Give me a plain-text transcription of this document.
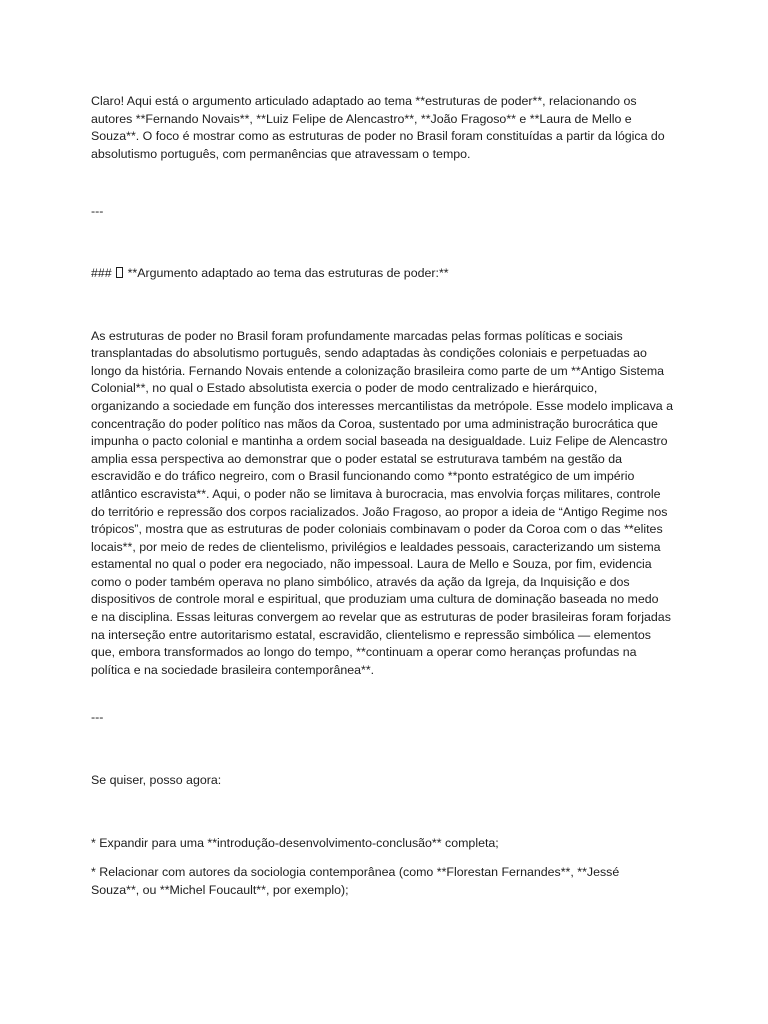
Claro! Aqui está o argumento articulado adaptado ao tema **estruturas de poder**, relacionando os
autores **Fernando Novais**, **Luiz Felipe de Alencastro**, **João Fragoso** e **Laura de Mello e
Souza**. O foco é mostrar como as estruturas de poder no Brasil foram constituídas a partir da lógica do
absolutismo português, com permanências que atravessam o tempo.
---
### **Argumento adaptado ao tema das estruturas de poder:**
As estruturas de poder no Brasil foram profundamente marcadas pelas formas políticas e sociais
transplantadas do absolutismo português, sendo adaptadas às condições coloniais e perpetuadas ao
longo da história. Fernando Novais entende a colonização brasileira como parte de um **Antigo Sistema
Colonial**, no qual o Estado absolutista exercia o poder de modo centralizado e hierárquico,
organizando a sociedade em função dos interesses mercantilistas da metrópole. Esse modelo implicava a
concentração do poder político nas mãos da Coroa, sustentado por uma administração burocrática que
impunha o pacto colonial e mantinha a ordem social baseada na desigualdade. Luiz Felipe de Alencastro
amplia essa perspectiva ao demonstrar que o poder estatal se estruturava também na gestão da
escravidão e do tráfico negreiro, com o Brasil funcionando como **ponto estratégico de um império
atlântico escravista**. Aqui, o poder não se limitava à burocracia, mas envolvia forças militares, controle
do território e repressão dos corpos racializados. João Fragoso, ao propor a ideia de “Antigo Regime nos
trópicos”, mostra que as estruturas de poder coloniais combinavam o poder da Coroa com o das **elites
locais**, por meio de redes de clientelismo, privilégios e lealdades pessoais, caracterizando um sistema
estamental no qual o poder era negociado, não impessoal. Laura de Mello e Souza, por fim, evidencia
como o poder também operava no plano simbólico, através da ação da Igreja, da Inquisição e dos
dispositivos de controle moral e espiritual, que produziam uma cultura de dominação baseada no medo
e na disciplina. Essas leituras convergem ao revelar que as estruturas de poder brasileiras foram forjadas
na interseção entre autoritarismo estatal, escravidão, clientelismo e repressão simbólica — elementos
que, embora transformados ao longo do tempo, **continuam a operar como heranças profundas na
política e na sociedade brasileira contemporânea**.
---
Se quiser, posso agora:
* Expandir para uma **introdução-desenvolvimento-conclusão** completa;
* Relacionar com autores da sociologia contemporânea (como **Florestan Fernandes**, **Jessé
Souza**, ou **Michel Foucault**, por exemplo);
